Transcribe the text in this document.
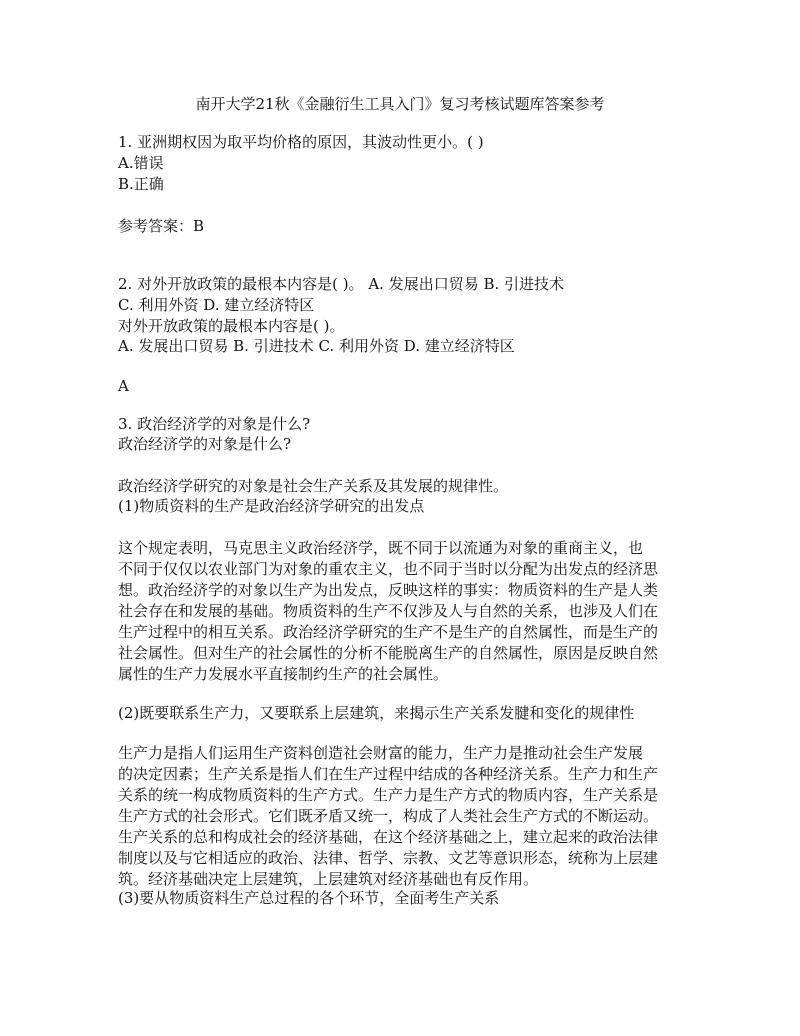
南开大学21秋《金融衍生工具入门》复习考核试题库答案参考
1. 亚洲期权因为取平均价格的原因，其波动性更小。( )
A.错误
B.正确
参考答案：B
2. 对外开放政策的最根本内容是( )。 A. 发展出口贸易 B. 引进技术
C. 利用外资 D. 建立经济特区
对外开放政策的最根本内容是( )。
A. 发展出口贸易 B. 引进技术 C. 利用外资 D. 建立经济特区
A
3. 政治经济学的对象是什么?
政治经济学的对象是什么?
政治经济学研究的对象是社会生产关系及其发展的规律性。
(1)物质资料的生产是政治经济学研究的出发点
这个规定表明，马克思主义政治经济学，既不同于以流通为对象的重商主义，也
不同于仅仅以农业部门为对象的重农主义，也不同于当时以分配为出发点的经济思
想。政治经济学的对象以生产为出发点，反映这样的事实：物质资料的生产是人类
社会存在和发展的基础。物质资料的生产不仅涉及人与自然的关系，也涉及人们在
生产过程中的相互关系。政治经济学研究的生产不是生产的自然属性，而是生产的
社会属性。但对生产的社会属性的分析不能脱离生产的自然属性，原因是反映自然
属性的生产力发展水平直接制约生产的社会属性。
(2)既要联系生产力，又要联系上层建筑，来揭示生产关系发腱和变化的规律性
生产力是指人们运用生产资料创造社会财富的能力，生产力是推动社会生产发展
的决定因素；生产关系是指人们在生产过程中结成的各种经济关系。生产力和生产
关系的统一构成物质资料的生产方式。生产力是生产方式的物质内容，生产关系是
生产方式的社会形式。它们既矛盾又统一，构成了人类社会生产方式的不断运动。
生产关系的总和构成社会的经济基础，在这个经济基础之上，建立起来的政治法律
制度以及与它相适应的政治、法律、哲学、宗教、文艺等意识形态，统称为上层建
筑。经济基础决定上层建筑，上层建筑对经济基础也有反作用。
(3)要从物质资料生产总过程的各个环节，全面考生产关系
